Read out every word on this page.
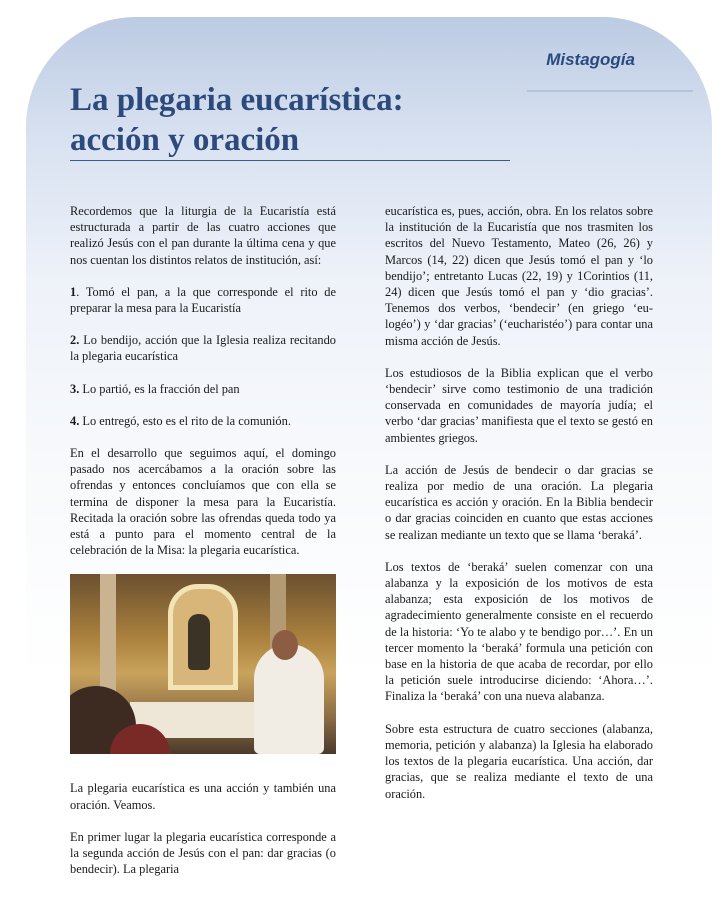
Mistagogía
La plegaria eucarística:
acción y oración

Recordemos que la liturgia de la Eucaristía está estructurada a partir de las cuatro acciones que realizó Jesús con el pan durante la última cena y que nos cuentan los distintos relatos de institución, así:

1. Tomó el pan, a la que corresponde el rito de preparar la mesa para la Eucaristía

2. Lo bendijo, acción que la Iglesia realiza recitando la plegaria eucarística

3. Lo partió, es la fracción del pan

4. Lo entregó, esto es el rito de la comunión.

En el desarrollo que seguimos aquí, el domingo pasado nos acercábamos a la oración sobre las ofrendas y entonces concluíamos que con ella se termina de disponer la mesa para la Eucaristía. Recitada la oración sobre las ofrendas queda todo ya está a punto para el momento central de la celebración de la Misa: la plegaria eucarística.

La plegaria eucarística es una acción y también una oración. Veamos.

En primer lugar la plegaria eucarística corresponde a la segunda acción de Jesús con el pan: dar gracias (o bendecir). La plegaria

eucarística es, pues, acción, obra. En los relatos sobre la institución de la Eucaristía que nos trasmiten los escritos del Nuevo Testamento, Mateo (26, 26) y Marcos (14, 22) dicen que Jesús tomó el pan y ‘lo bendijo’; entretanto Lucas (22, 19) y 1Corintios (11, 24) dicen que Jesús tomó el pan y ‘dio gracias’. Tenemos dos verbos, ‘bendecir’ (en griego ‘eu-logéo’) y ‘dar gracias’ (‘eucharistéo’) para contar una misma acción de Jesús.

Los estudiosos de la Biblia explican que el verbo ‘bendecir’ sirve como testimonio de una tradición conservada en comunidades de mayoría judía; el verbo ‘dar gracias’ manifiesta que el texto se gestó en ambientes griegos.

La acción de Jesús de bendecir o dar gracias se realiza por medio de una oración. La plegaria eucarística es acción y oración. En la Biblia bendecir o dar gracias coinciden en cuanto que estas acciones se realizan mediante un texto que se llama ‘beraká’.

Los textos de ‘beraká’ suelen comenzar con una alabanza y la exposición de los motivos de esta alabanza; esta exposición de los motivos de agradecimiento generalmente consiste en el recuerdo de la historia: ‘Yo te alabo y te bendigo por…’. En un tercer momento la ‘beraká’ formula una petición con base en la historia de que acaba de recordar, por ello la petición suele introducirse diciendo: ‘Ahora…’. Finaliza la ‘beraká’ con una nueva alabanza.

Sobre esta estructura de cuatro secciones (alabanza, memoria, petición y alabanza) la Iglesia ha elaborado los textos de la plegaria eucarística. Una acción, dar gracias, que se realiza mediante el texto de una oración.
